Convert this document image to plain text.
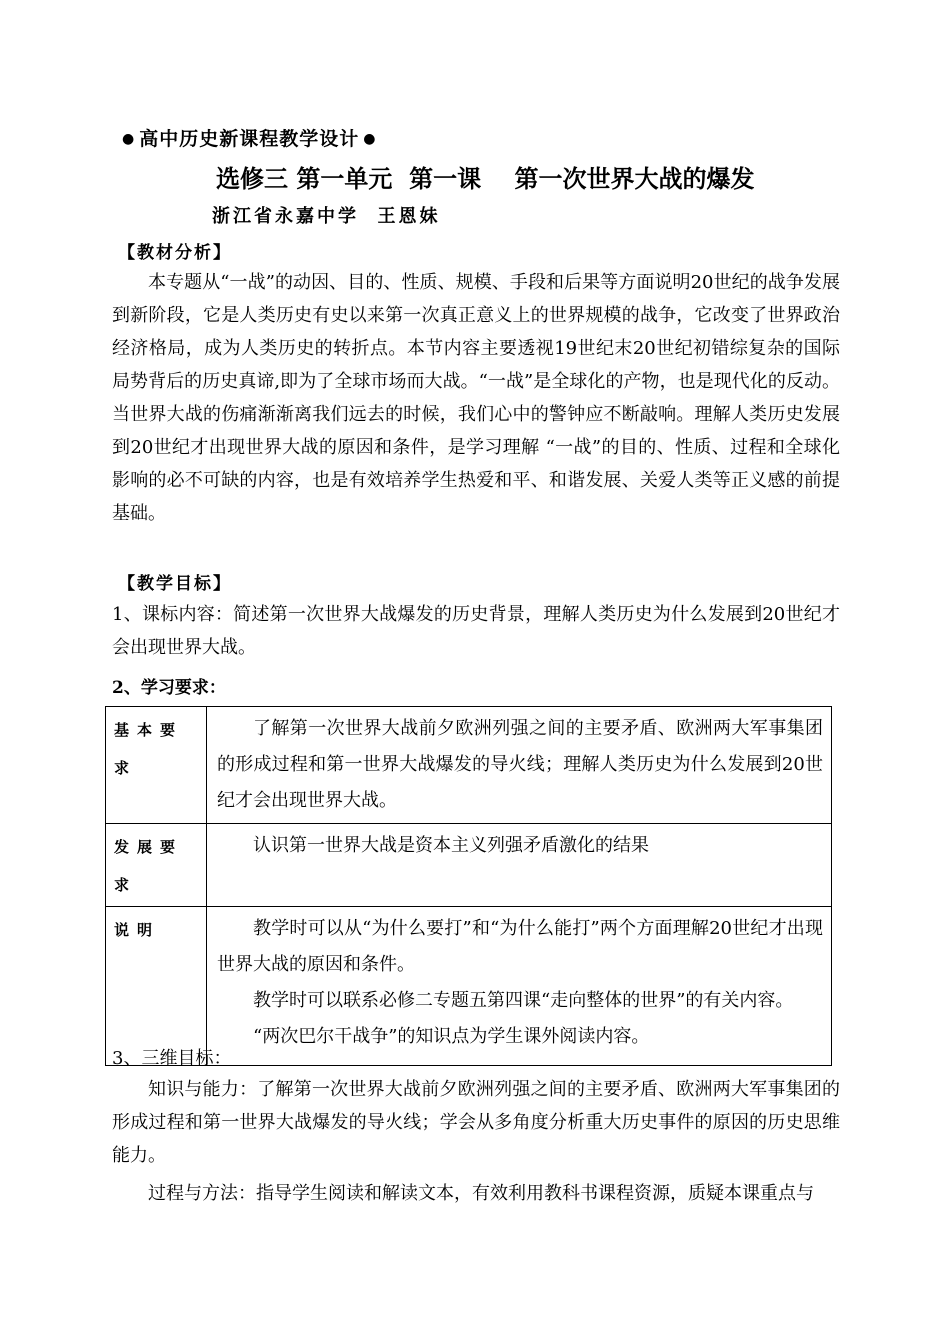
● 高中历史新课程教学设计 ●
选修三 第一单元  第一课    第一次世界大战的爆发
浙江省永嘉中学  王恩妹
【教材分析】

本专题从“一战”的动因、目的、性质、规模、手段和后果等方面说明20世纪的战争发展到新阶段，它是人类历史有史以来第一次真正意义上的世界规模的战争，它改变了世界政治经济格局，成为人类历史的转折点。本节内容主要透视19世纪末20世纪初错综复杂的国际局势背后的历史真谛,即为了全球市场而大战。“一战”是全球化的产物，也是现代化的反动。当世界大战的伤痛渐渐离我们远去的时候，我们心中的警钟应不断敲响。理解人类历史发展到20世纪才出现世界大战的原因和条件，是学习理解 “一战”的目的、性质、过程和全球化影响的必不可缺的内容，也是有效培养学生热爱和平、和谐发展、关爱人类等正义感的前提基础。

【教学目标】

1、课标内容：简述第一次世界大战爆发的历史背景，理解人类历史为什么发展到20世纪才会出现世界大战。

2、学习要求：

基本要求	了解第一次世界大战前夕欧洲列强之间的主要矛盾、欧洲两大军事集团的形成过程和第一世界大战爆发的导火线；理解人类历史为什么发展到20世纪才会出现世界大战。

发展要求	认识第一世界大战是资本主义列强矛盾激化的结果

说明	教学时可以从“为什么要打”和“为什么能打”两个方面理解20世纪才出现世界大战的原因和条件。

教学时可以联系必修二专题五第四课“走向整体的世界”的有关内容。

“两次巴尔干战争”的知识点为学生课外阅读内容。

3、三维目标：

知识与能力：了解第一次世界大战前夕欧洲列强之间的主要矛盾、欧洲两大军事集团的形成过程和第一世界大战爆发的导火线；学会从多角度分析重大历史事件的原因的历史思维能力。

过程与方法：指导学生阅读和解读文本，有效利用教科书课程资源，质疑本课重点与
